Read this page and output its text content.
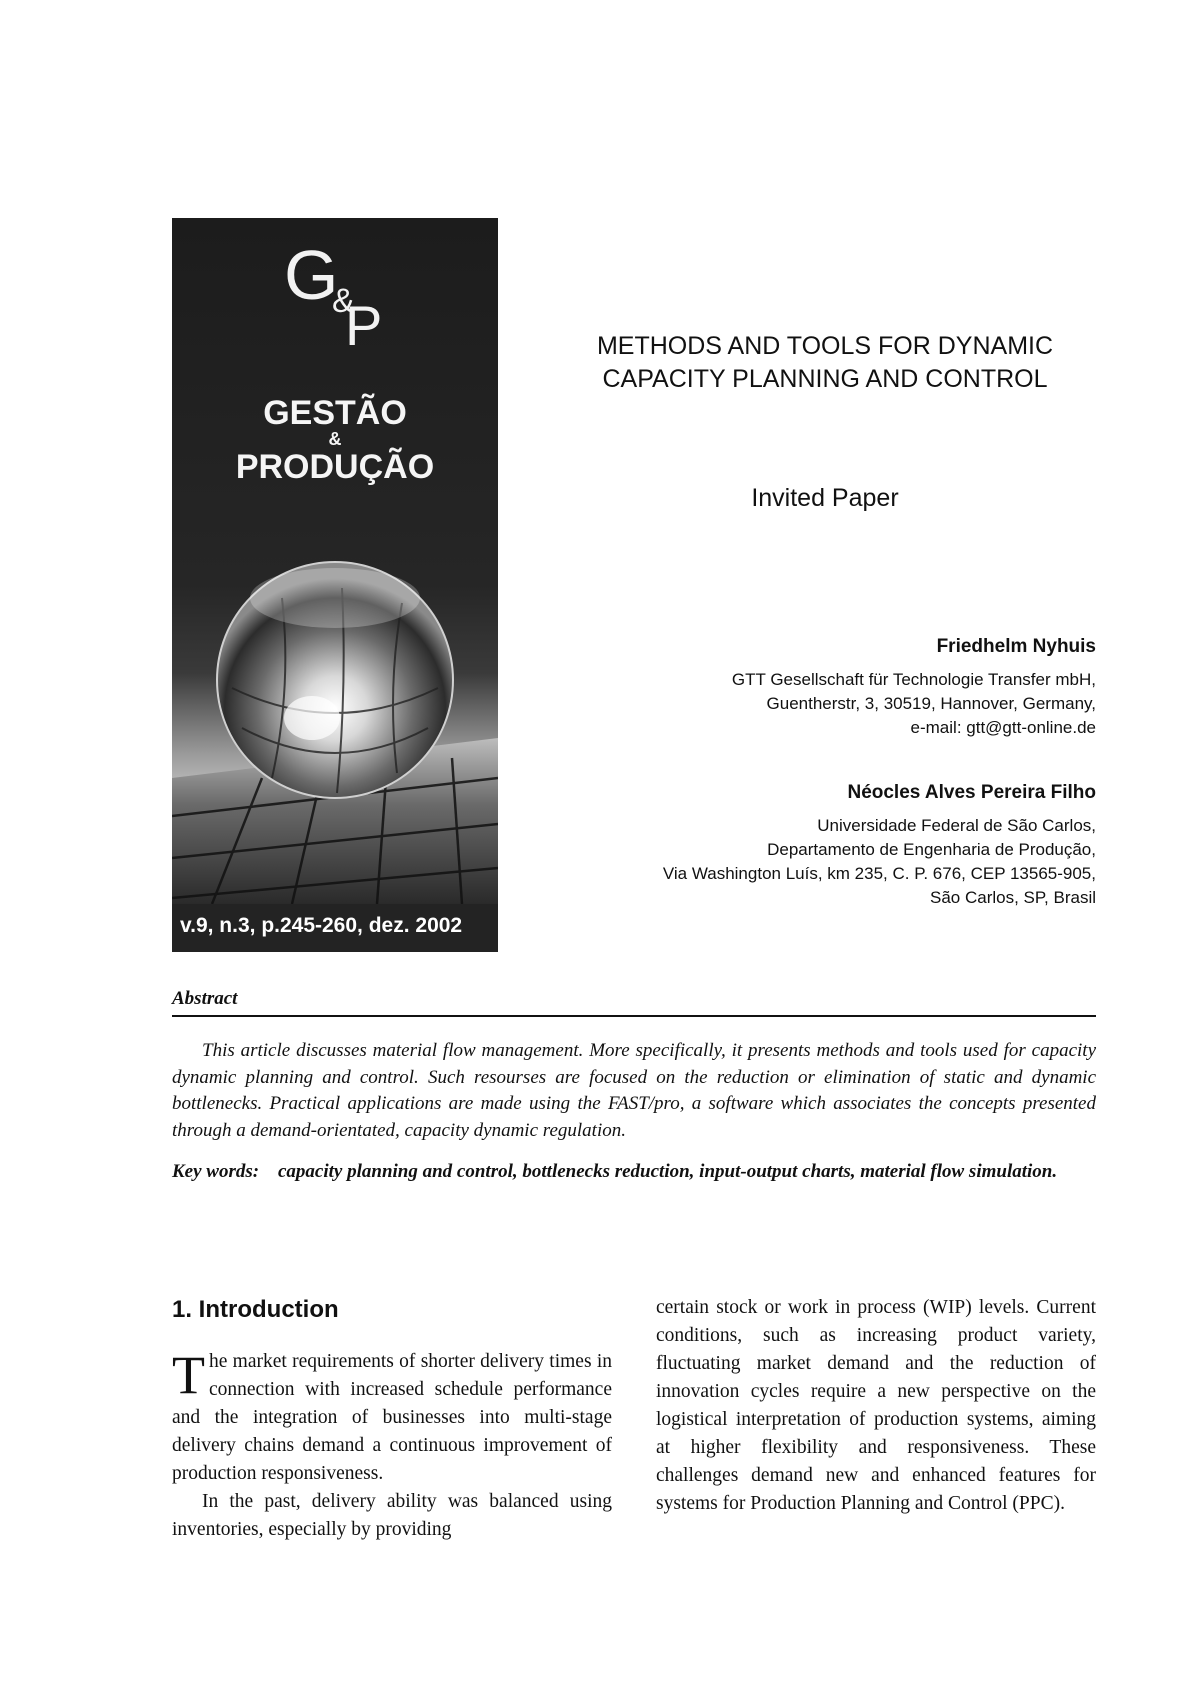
G
&
P
GESTÃO
&
PRODUÇÃO
v.9, n.3, p.245-260, dez. 2002
METHODS AND TOOLS FOR DYNAMIC
CAPACITY PLANNING AND CONTROL
Invited Paper
Friedhelm Nyhuis
GTT Gesellschaft für Technologie Transfer mbH,
Guentherstr, 3, 30519, Hannover, Germany,
e-mail: gtt@gtt-online.de
Néocles Alves Pereira Filho
Universidade Federal de São Carlos,
Departamento de Engenharia de Produção,
Via Washington Luís, km 235, C. P. 676, CEP 13565-905,
São Carlos, SP, Brasil
Abstract
This article discusses material flow management. More specifically, it presents methods and tools used for capacity dynamic planning and control. Such resourses are focused on the reduction or elimination of static and dynamic bottlenecks. Practical applications are made using the FAST/pro, a software which associates the concepts presented through a demand-orientated, capacity dynamic regulation.
Key words: capacity planning and control, bottlenecks reduction, input-output charts, material flow simulation.
1. Introduction

The market requirements of shorter delivery times in connection with increased schedule performance and the integration of businesses into multi-stage delivery chains demand a continuous improvement of production responsiveness.

In the past, delivery ability was balanced using inventories, especially by providing

certain stock or work in process (WIP) levels. Current conditions, such as increasing product variety, fluctuating market demand and the reduction of innovation cycles require a new perspective on the logistical interpretation of production systems, aiming at higher flexibility and responsiveness. These challenges demand new and enhanced features for systems for Production Planning and Control (PPC).
